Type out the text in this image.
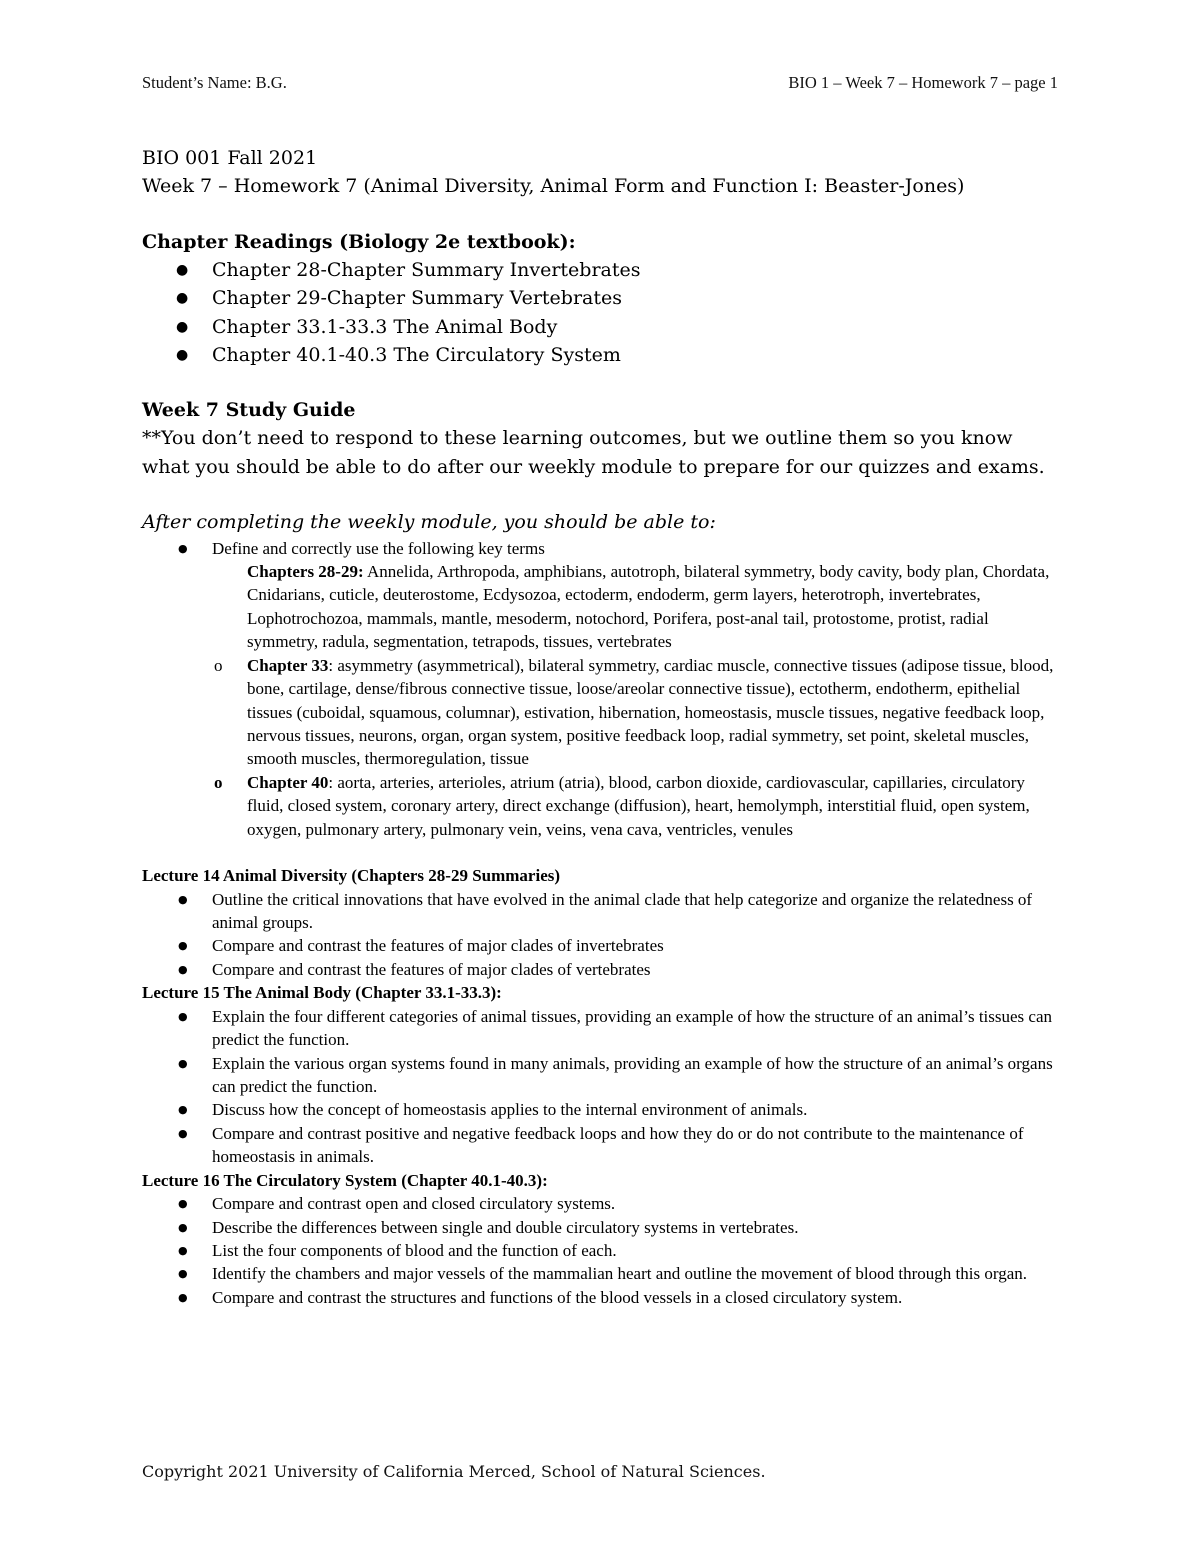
Student’s Name: B.G.	BIO 1 – Week 7 – Homework 7 – page 1
BIO 001 Fall 2021
Week 7 – Homework 7 (Animal Diversity, Animal Form and Function I: Beaster-Jones)
Chapter Readings (Biology 2e textbook):
● Chapter 28-Chapter Summary Invertebrates
● Chapter 29-Chapter Summary Vertebrates
● Chapter 33.1-33.3 The Animal Body
● Chapter 40.1-40.3 The Circulatory System
Week 7 Study Guide
**You don’t need to respond to these learning outcomes, but we outline them so you know what you should be able to do after our weekly module to prepare for our quizzes and exams.
After completing the weekly module, you should be able to:
● Define and correctly use the following key terms
Chapters 28-29: Annelida, Arthropoda, amphibians, autotroph, bilateral symmetry, body cavity, body plan, Chordata, Cnidarians, cuticle, deuterostome, Ecdysozoa, ectoderm, endoderm, germ layers, heterotroph, invertebrates, Lophotrochozoa, mammals, mantle, mesoderm, notochord, Porifera, post-anal tail, protostome, protist, radial symmetry, radula, segmentation, tetrapods, tissues, vertebrates
o Chapter 33: asymmetry (asymmetrical), bilateral symmetry, cardiac muscle, connective tissues (adipose tissue, blood, bone, cartilage, dense/fibrous connective tissue, loose/areolar connective tissue), ectotherm, endotherm, epithelial tissues (cuboidal, squamous, columnar), estivation, hibernation, homeostasis, muscle tissues, negative feedback loop, nervous tissues, neurons, organ, organ system, positive feedback loop, radial symmetry, set point, skeletal muscles, smooth muscles, thermoregulation, tissue
o Chapter 40: aorta, arteries, arterioles, atrium (atria), blood, carbon dioxide, cardiovascular, capillaries, circulatory fluid, closed system, coronary artery, direct exchange (diffusion), heart, hemolymph, interstitial fluid, open system, oxygen, pulmonary artery, pulmonary vein, veins, vena cava, ventricles, venules
Lecture 14 Animal Diversity (Chapters 28-29 Summaries)
● Outline the critical innovations that have evolved in the animal clade that help categorize and organize the relatedness of animal groups.
● Compare and contrast the features of major clades of invertebrates
● Compare and contrast the features of major clades of vertebrates
Lecture 15 The Animal Body (Chapter 33.1-33.3):
● Explain the four different categories of animal tissues, providing an example of how the structure of an animal’s tissues can predict the function.
● Explain the various organ systems found in many animals, providing an example of how the structure of an animal’s organs can predict the function.
● Discuss how the concept of homeostasis applies to the internal environment of animals.
● Compare and contrast positive and negative feedback loops and how they do or do not contribute to the maintenance of homeostasis in animals.
Lecture 16 The Circulatory System (Chapter 40.1-40.3):
● Compare and contrast open and closed circulatory systems.
● Describe the differences between single and double circulatory systems in vertebrates.
● List the four components of blood and the function of each.
● Identify the chambers and major vessels of the mammalian heart and outline the movement of blood through this organ.
● Compare and contrast the structures and functions of the blood vessels in a closed circulatory system.
Copyright 2021 University of California Merced, School of Natural Sciences.
